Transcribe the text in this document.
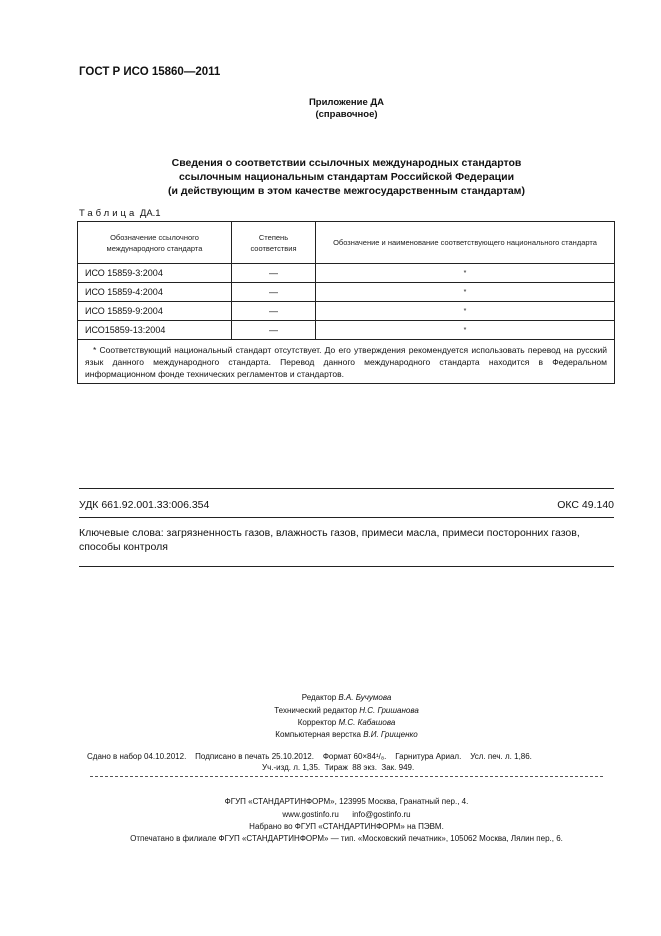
ГОСТ Р ИСО 15860—2011
Приложение ДА
(справочное)
Сведения о соответствии ссылочных международных стандартов
ссылочным национальным стандартам Российской Федерации
(и действующим в этом качестве межгосударственным стандартам)
Таблица ДА.1
Обозначение ссылочного международного стандарта	Степень соответствия	Обозначение и наименование соответствующего национального стандарта
ИСО 15859-3:2004	—	*
ИСО 15859-4:2004	—	*
ИСО 15859-9:2004	—	*
ИСО15859-13:2004	—	*
* Соответствующий национальный стандарт отсутствует. До его утверждения рекомендуется использовать перевод на русский язык данного международного стандарта. Перевод данного международного стандарта находится в Федеральном информационном фонде технических регламентов и стандартов.		
УДК 661.92.001.33:006.354	ОКС 49.140
Ключевые слова: загрязненность газов, влажность газов, примеси масла, примеси посторонних газов, способы контроля
Редактор В.А. Бучумова
Технический редактор Н.С. Гришанова
Корректор М.С. Кабашова
Компьютерная верстка В.И. Грищенко
Сдано в набор 04.10.2012.    Подписано в печать 25.10.2012.    Формат 60×84¹/₈.    Гарнитура Ариал.    Усл. печ. л. 1,86.
Уч.-изд. л. 1,35.  Тираж  88 экз.  Зак. 949.
ФГУП «СТАНДАРТИНФОРМ», 123995 Москва, Гранатный пер., 4.
www.gostinfo.ru      info@gostinfo.ru
Набрано во ФГУП «СТАНДАРТИНФОРМ» на ПЭВМ.
Отпечатано в филиале ФГУП «СТАНДАРТИНФОРМ» — тип. «Московский печатник», 105062 Москва, Лялин пер., 6.
